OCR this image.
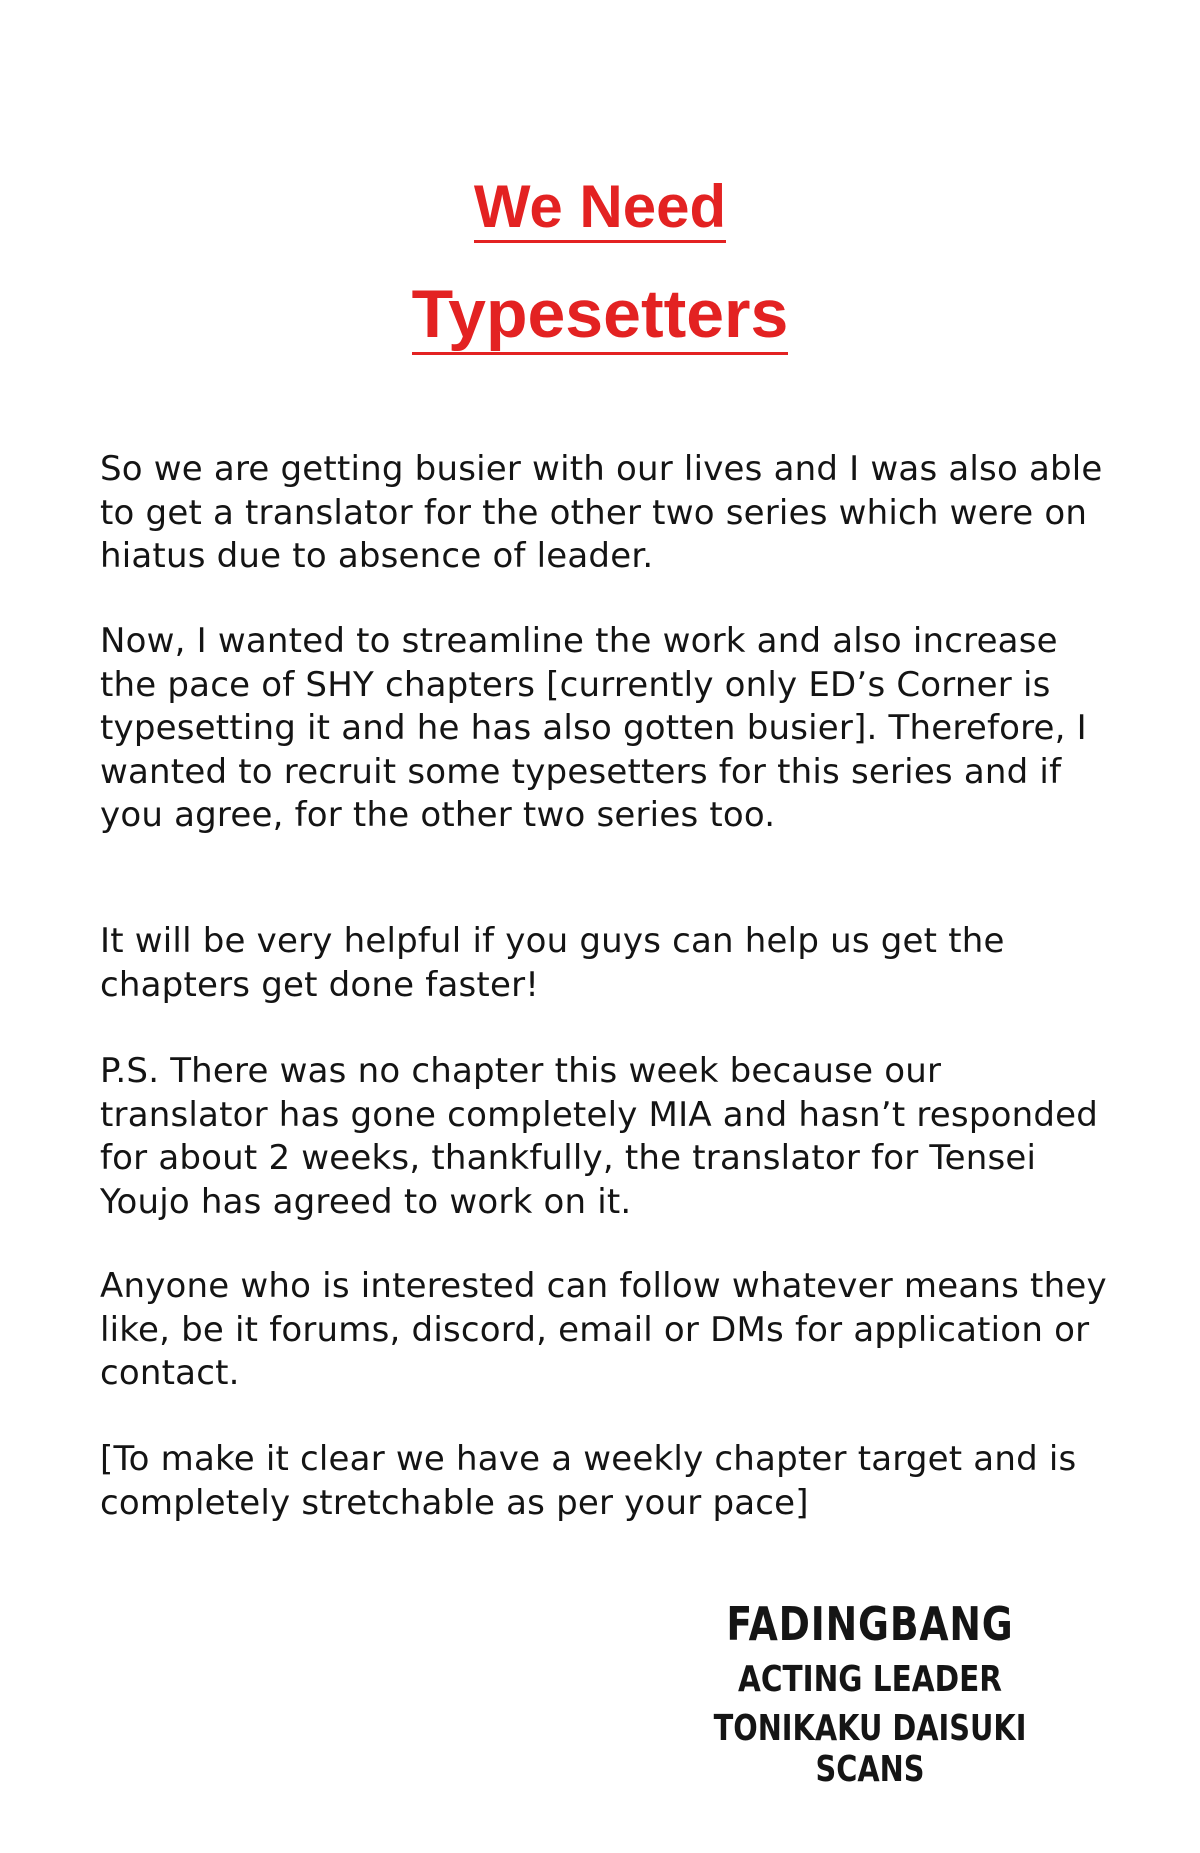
We Need
Typesetters

So we are getting busier with our lives and I was also able to get a translator for the other two series which were on hiatus due to absence of leader.

Now, I wanted to streamline the work and also increase the pace of SHY chapters [currently only ED’s Corner is typesetting it and he has also gotten busier]. Therefore, I wanted to recruit some typesetters for this series and if you agree, for the other two series too.

It will be very helpful if you guys can help us get the chapters get done faster!

P.S. There was no chapter this week because our translator has gone completely MIA and hasn’t responded for about 2 weeks, thankfully, the translator for Tensei Youjo has agreed to work on it.

Anyone who is interested can follow whatever means they like, be it forums, discord, email or DMs for application or contact.

[To make it clear we have a weekly chapter target and is completely stretchable as per your pace]

FADINGBANG

ACTING LEADER

TONIKAKU DAISUKI SCANS
